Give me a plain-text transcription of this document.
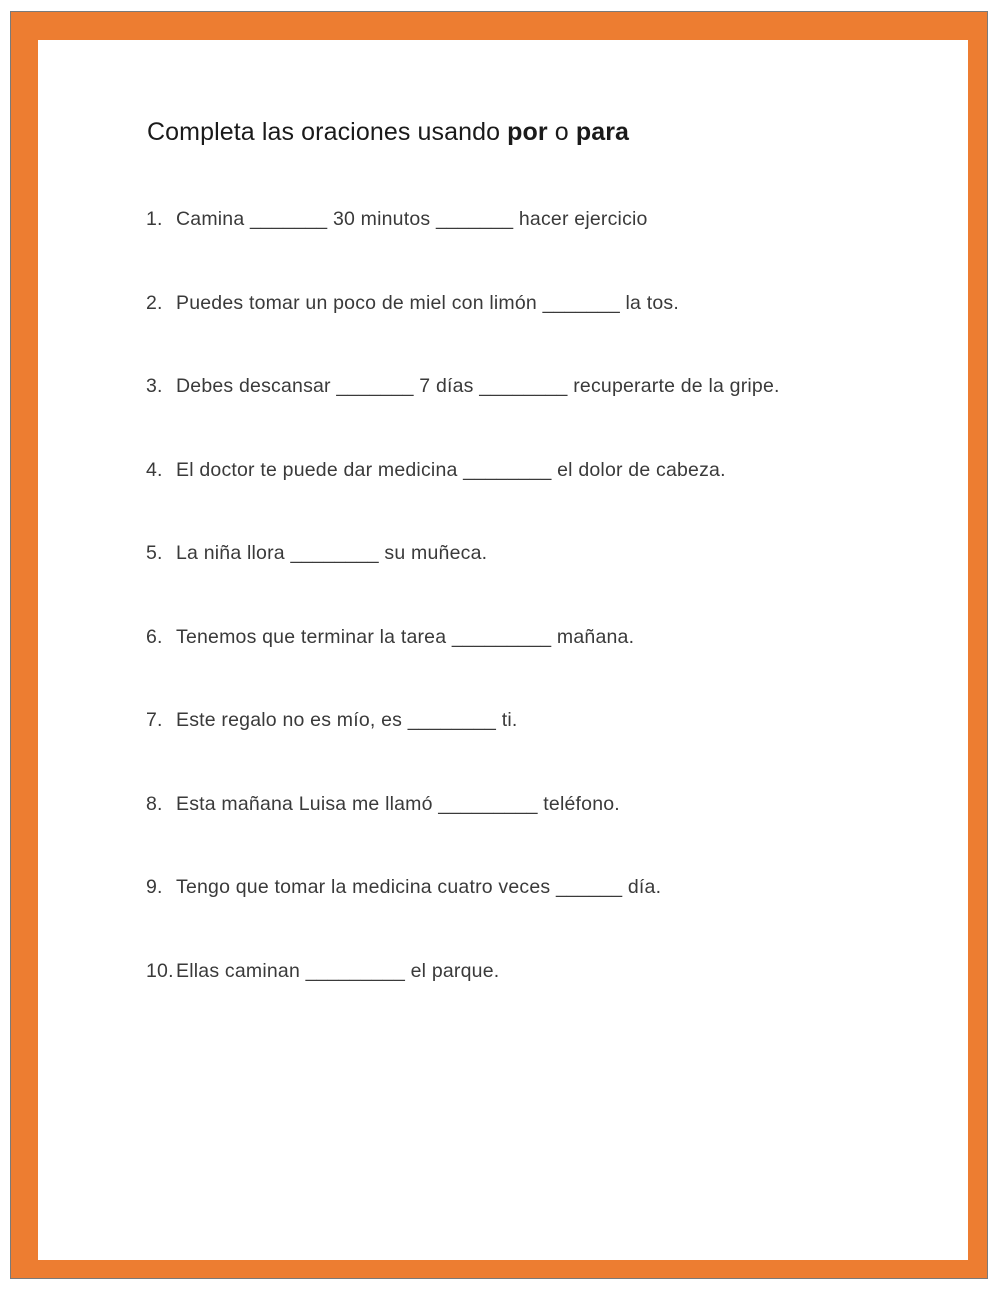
Completa las oraciones usando por o para
1. Camina _______ 30 minutos _______ hacer ejercicio
2. Puedes tomar un poco de miel con limón _______ la tos.
3. Debes descansar _______ 7 días ________ recuperarte de la gripe.
4. El doctor te puede dar medicina ________ el dolor de cabeza.
5. La niña llora ________ su muñeca.
6. Tenemos que terminar la tarea _________ mañana.
7. Este regalo no es mío, es ________ ti.
8. Esta mañana Luisa me llamó _________ teléfono.
9. Tengo que tomar la medicina cuatro veces ______ día.
10. Ellas caminan _________ el parque.
